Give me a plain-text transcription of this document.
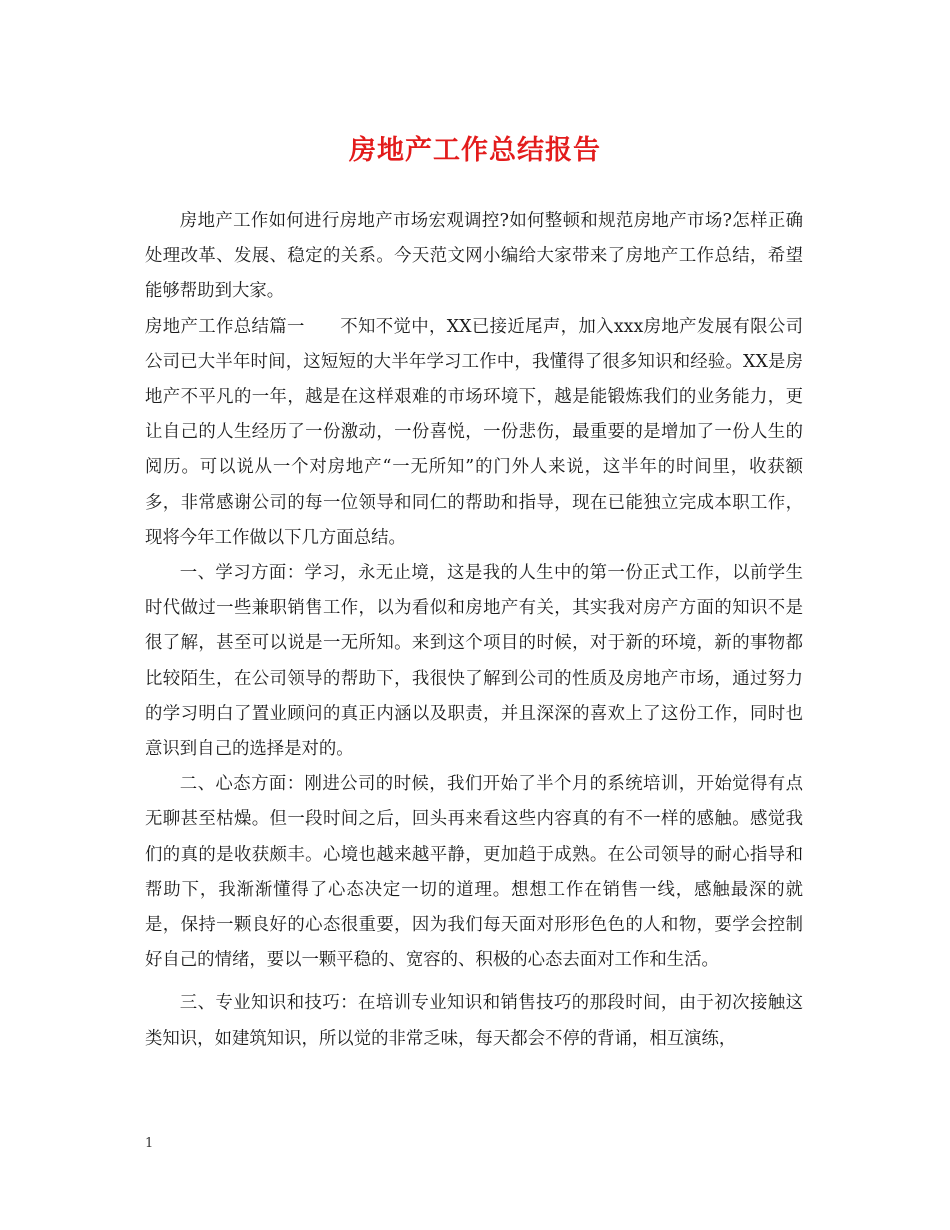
房地产工作总结报告

房地产工作如何进行房地产市场宏观调控?如何整顿和规范房地产市场?怎样正确处理改革、发展、稳定的关系。今天范文网小编给大家带来了房地产工作总结，希望能够帮助到大家。

房地产工作总结篇一　　不知不觉中，XX已接近尾声，加入xxx房地产发展有限公司公司已大半年时间，这短短的大半年学习工作中，我懂得了很多知识和经验。XX是房地产不平凡的一年，越是在这样艰难的市场环境下，越是能锻炼我们的业务能力，更让自己的人生经历了一份激动，一份喜悦，一份悲伤，最重要的是增加了一份人生的阅历。可以说从一个对房地产“一无所知”的门外人来说，这半年的时间里，收获额多，非常感谢公司的每一位领导和同仁的帮助和指导，现在已能独立完成本职工作，现将今年工作做以下几方面总结。

一、学习方面：学习，永无止境，这是我的人生中的第一份正式工作，以前学生时代做过一些兼职销售工作，以为看似和房地产有关，其实我对房产方面的知识不是很了解，甚至可以说是一无所知。来到这个项目的时候，对于新的环境，新的事物都比较陌生，在公司领导的帮助下，我很快了解到公司的性质及房地产市场，通过努力的学习明白了置业顾问的真正内涵以及职责，并且深深的喜欢上了这份工作，同时也意识到自己的选择是对的。

二、心态方面：刚进公司的时候，我们开始了半个月的系统培训，开始觉得有点无聊甚至枯燥。但一段时间之后，回头再来看这些内容真的有不一样的感触。感觉我们的真的是收获颇丰。心境也越来越平静，更加趋于成熟。在公司领导的耐心指导和帮助下，我渐渐懂得了心态决定一切的道理。想想工作在销售一线，感触最深的就是，保持一颗良好的心态很重要，因为我们每天面对形形色色的人和物，要学会控制好自己的情绪，要以一颗平稳的、宽容的、积极的心态去面对工作和生活。

三、专业知识和技巧：在培训专业知识和销售技巧的那段时间，由于初次接触这类知识，如建筑知识，所以觉的非常乏味，每天都会不停的背诵，相互演练，

1
